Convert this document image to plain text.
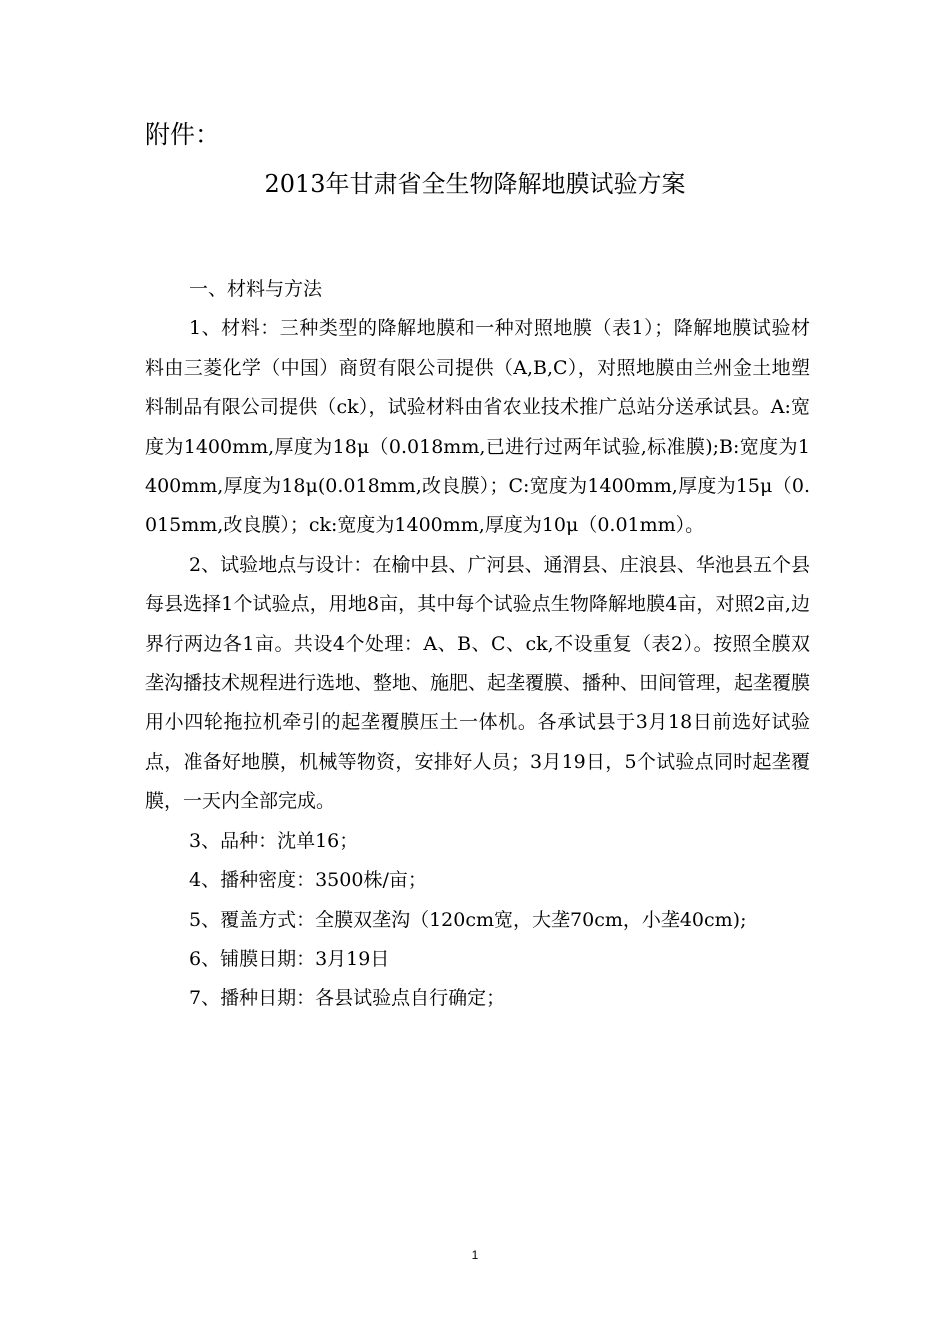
附件：
2013年甘肃省全生物降解地膜试验方案

一、材料与方法

1、材料：三种类型的降解地膜和一种对照地膜（表1）；降解地膜试验材料由三菱化学（中国）商贸有限公司提供（A,B,C），对照地膜由兰州金土地塑料制品有限公司提供（ck），试验材料由省农业技术推广总站分送承试县。A:宽度为1400mm,厚度为18μ（0.018mm,已进行过两年试验,标准膜);B:宽度为1400mm,厚度为18μ(0.018mm,改良膜）；C:宽度为1400mm,厚度为15μ（0.015mm,改良膜）；ck:宽度为1400mm,厚度为10μ（0.01mm）。

2、试验地点与设计：在榆中县、广河县、通渭县、庄浪县、华池县五个县每县选择1个试验点，用地8亩，其中每个试验点生物降解地膜4亩，对照2亩,边界行两边各1亩。共设4个处理：A、B、C、ck,不设重复（表2）。按照全膜双垄沟播技术规程进行选地、整地、施肥、起垄覆膜、播种、田间管理，起垄覆膜用小四轮拖拉机牵引的起垄覆膜压土一体机。各承试县于3月18日前选好试验点，准备好地膜，机械等物资，安排好人员；3月19日，5个试验点同时起垄覆膜，一天内全部完成。

3、品种：沈单16；

4、播种密度：3500株/亩；

5、覆盖方式：全膜双垄沟（120cm宽，大垄70cm，小垄40cm);

6、铺膜日期：3月19日

7、播种日期：各县试验点自行确定；

1
